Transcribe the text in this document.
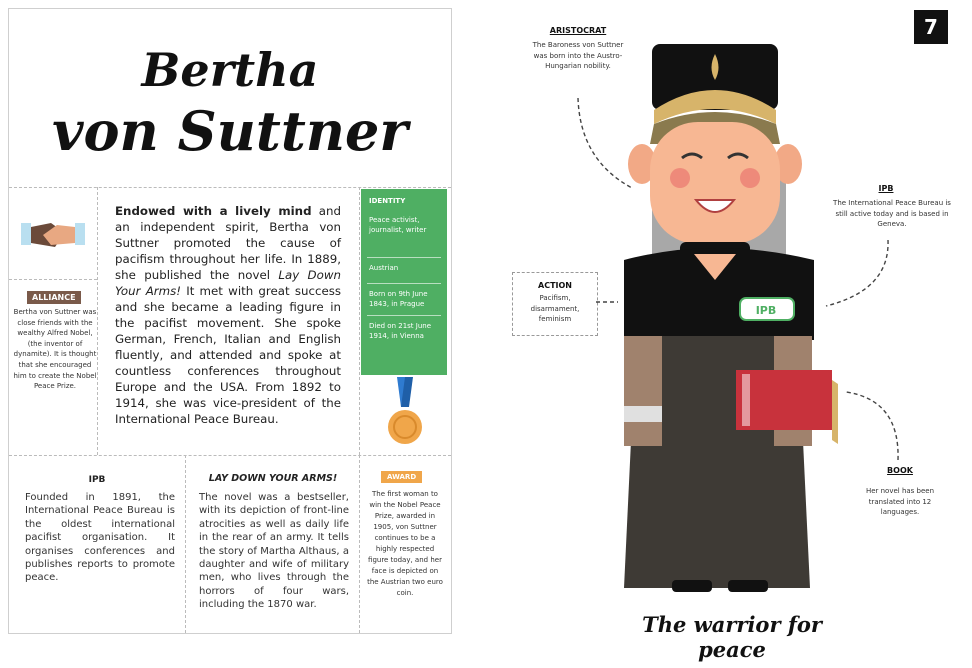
Bertha
von Suttner
ALLIANCE
Bertha von Suttner was close friends with the wealthy Alfred Nobel, (the inventor of dynamite). It is thought that she encouraged him to create the Nobel Peace Prize.
Endowed with a lively mind and an independent spirit, Bertha von Suttner promoted the cause of pacifism throughout her life. In 1889, she published the novel Lay Down Your Arms! It met with great success and she became a leading figure in the pacifist movement. She spoke German, French, Italian and English fluently, and attended and spoke at countless conferences throughout Europe and the USA. From 1892 to 1914, she was vice-president of the International Peace Bureau.
IDENTITY
Peace activist, journalist, writer
Austrian
Born on 9th June 1843, in Prague
Died on 21st June 1914, in Vienna
IPB
Founded in 1891, the International Peace Bureau is the oldest international pacifist organisation. It organises conferences and publishes reports to promote peace.
LAY DOWN YOUR ARMS!
The novel was a bestseller, with its depiction of front-line atrocities as well as daily life in the rear of an army. It tells the story of Martha Althaus, a daughter and wife of military men, who lives through the horrors of four wars, including the 1870 war.
AWARD
The first woman to win the Nobel Peace Prize, awarded in 1905, von Suttner continues to be a highly respected figure today, and her face is depicted on the Austrian two euro coin.
7
ARISTOCRAT
The Baroness von Suttner was born into the Austro-Hungarian nobility.
IPB
The International Peace Bureau is still active today and is based in Geneva.
ACTION
Pacifism, disarmament, feminism
BOOK
Her novel has been translated into 12 languages.
IPB
The warrior for peace
